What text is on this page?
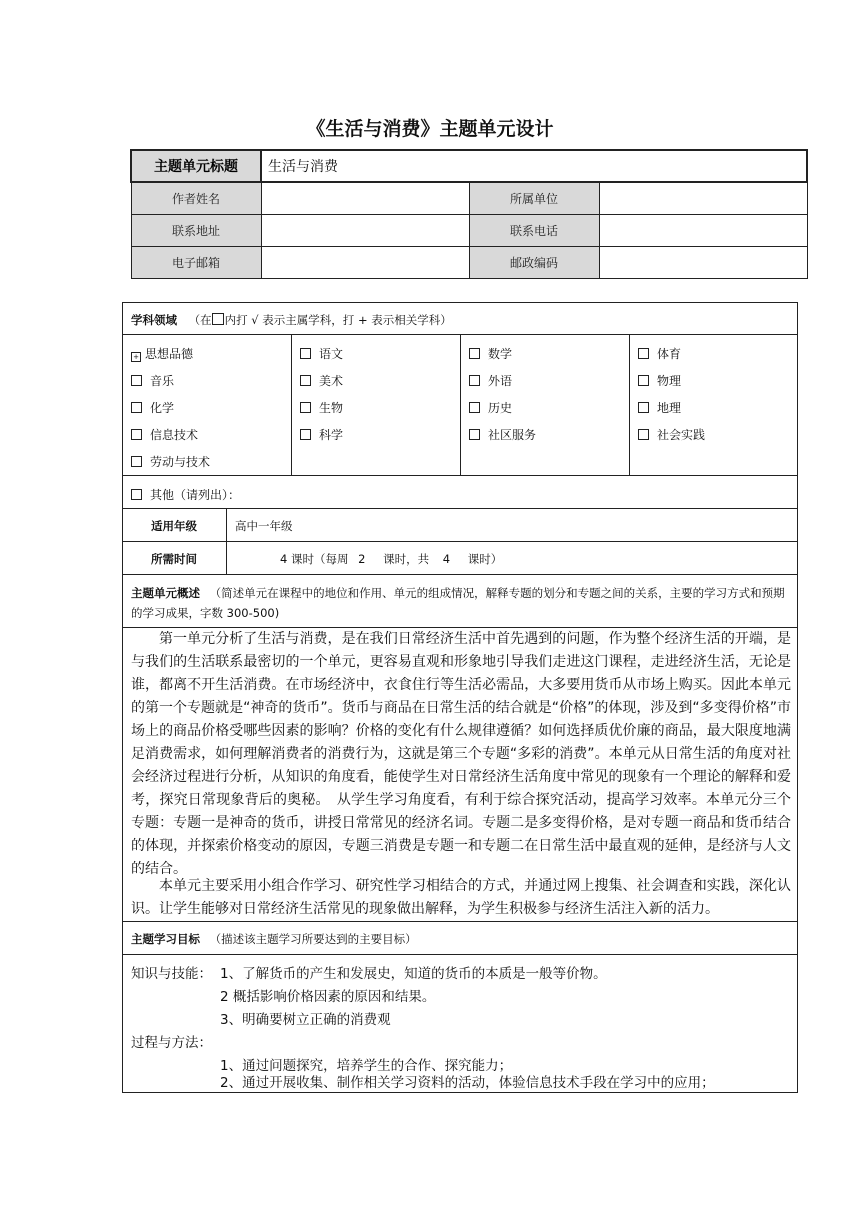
《生活与消费》主题单元设计
主题单元标题	生活与消费		
作者姓名		所属单位	
联系地址		联系电话	
电子邮箱		邮政编码	
学科领域 （在 内打 √ 表示主属学科，打 + 表示相关学科）
+ 思想品德	语文	数学	体育
音乐	美术	外语	物理
化学	生物	历史	地理
信息技术	科学	社区服务	社会实践
劳动与技术
其他（请列出）：
适用年级	高中一年级
所需时间	4 课时（每周 2 课时，共 4 课时）
主题单元概述 （简述单元在课程中的地位和作用、单元的组成情况，解释专题的划分和专题之间的关系，主要的学习方式和预期的学习成果，字数 300-500)
第一单元分析了生活与消费，是在我们日常经济生活中首先遇到的问题，作为整个经济生活的开端，是与我们的生活联系最密切的一个单元，更容易直观和形象地引导我们走进这门课程，走进经济生活，无论是谁，都离不开生活消费。在市场经济中，衣食住行等生活必需品，大多要用货币从市场上购买。因此本单元的第一个专题就是“神奇的货币”。货币与商品在日常生活的结合就是“价格”的体现，涉及到“多变得价格”市场上的商品价格受哪些因素的影响？价格的变化有什么规律遵循？如何选择质优价廉的商品，最大限度地满足消费需求，如何理解消费者的消费行为，这就是第三个专题“多彩的消费”。本单元从日常生活的角度对社会经济过程进行分析，从知识的角度看，能使学生对日常经济生活角度中常见的现象有一个理论的解释和爱考，探究日常现象背后的奥秘。　从学生学习角度看，有利于综合探究活动，提高学习效率。本单元分三个专题：专题一是神奇的货币，讲授日常常见的经济名词。专题二是多变得价格，是对专题一商品和货币结合的体现，并探索价格变动的原因，专题三消费是专题一和专题二在日常生活中最直观的延伸，是经济与人文的结合。
本单元主要采用小组合作学习、研究性学习相结合的方式，并通过网上搜集、社会调查和实践，深化认识。让学生能够对日常经济生活常见的现象做出解释，为学生积极参与经济生活注入新的活力。
主题学习目标 （描述该主题学习所要达到的主要目标）
知识与技能： 1、了解货币的产生和发展史，知道的货币的本质是一般等价物。
2 概括影响价格因素的原因和结果。
3、明确要树立正确的消费观
过程与方法：
1、通过问题探究，培养学生的合作、探究能力；
2、通过开展收集、制作相关学习资料的活动，体验信息技术手段在学习中的应用；
